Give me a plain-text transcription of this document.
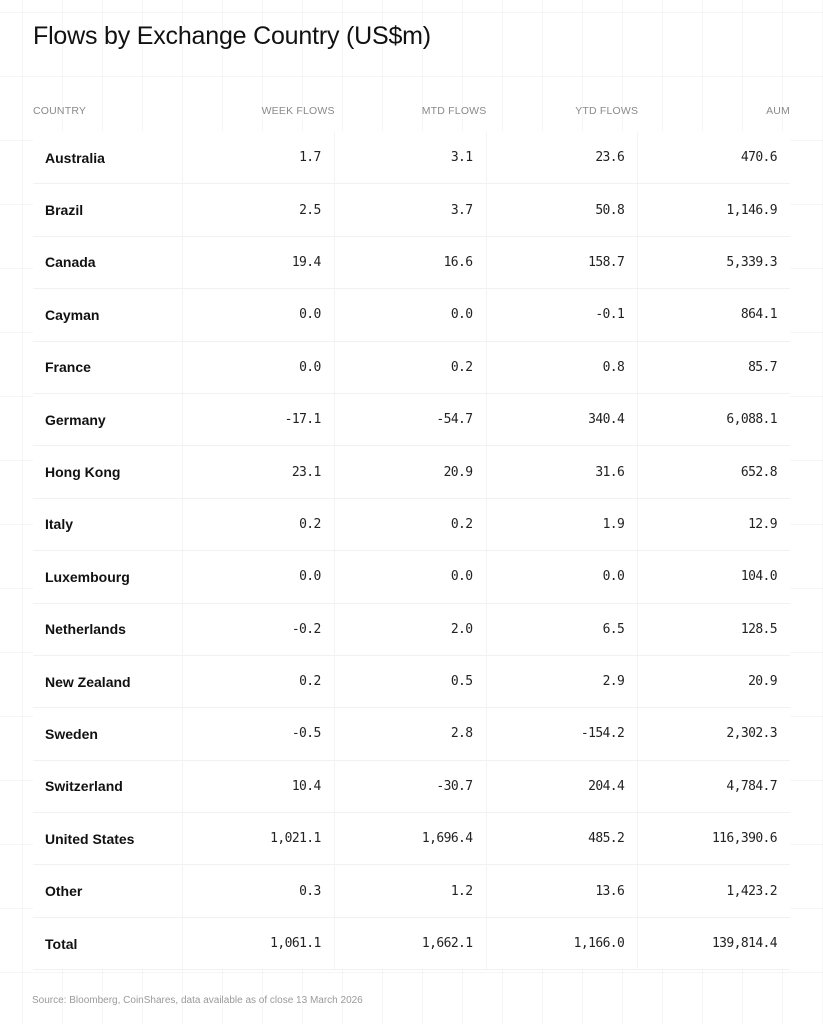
Flows by Exchange Country (US$m)
COUNTRY	WEEK FLOWS	MTD FLOWS	YTD FLOWS	AUM
Australia	1.7	3.1	23.6	470.6
Brazil	2.5	3.7	50.8	1,146.9
Canada	19.4	16.6	158.7	5,339.3
Cayman	0.0	0.0	-0.1	864.1
France	0.0	0.2	0.8	85.7
Germany	-17.1	-54.7	340.4	6,088.1
Hong Kong	23.1	20.9	31.6	652.8
Italy	0.2	0.2	1.9	12.9
Luxembourg	0.0	0.0	0.0	104.0
Netherlands	-0.2	2.0	6.5	128.5
New Zealand	0.2	0.5	2.9	20.9
Sweden	-0.5	2.8	-154.2	2,302.3
Switzerland	10.4	-30.7	204.4	4,784.7
United States	1,021.1	1,696.4	485.2	116,390.6
Other	0.3	1.2	13.6	1,423.2
Total	1,061.1	1,662.1	1,166.0	139,814.4
Source: Bloomberg, CoinShares, data available as of close 13 March 2026
